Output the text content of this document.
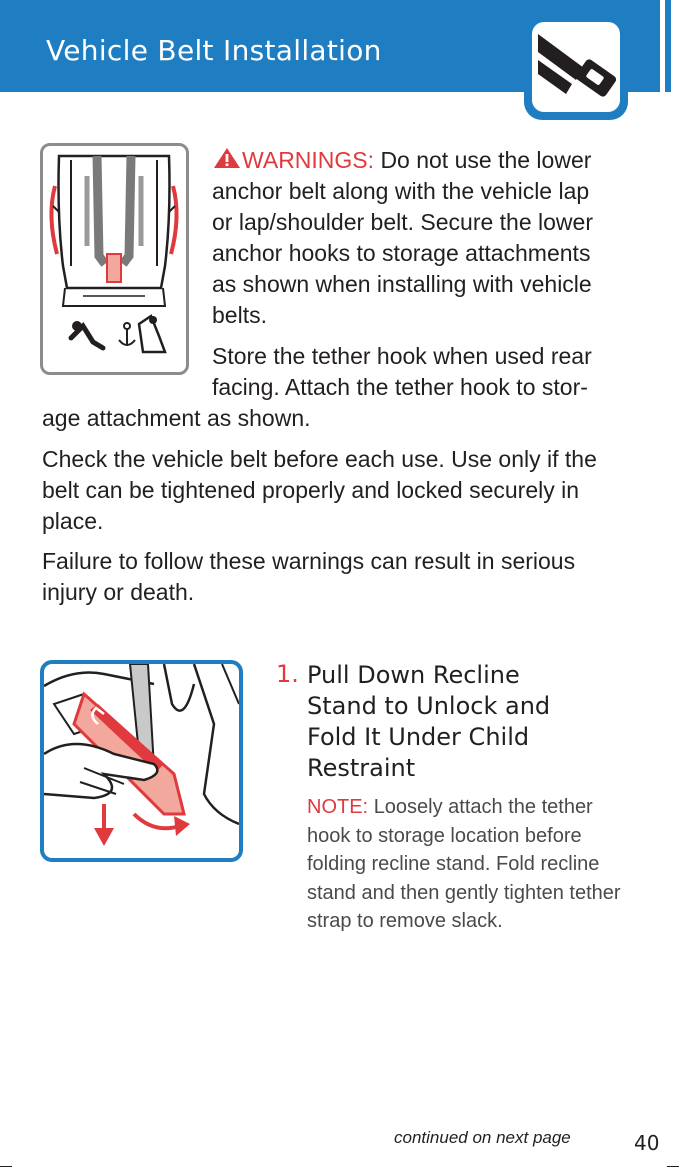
Vehicle Belt Installation
WARNINGS: Do not use the lower
anchor belt along with the vehicle lap
or lap/shoulder belt. Secure the lower
anchor hooks to storage attachments
as shown when installing with vehicle
belts.
Store the tether hook when used rear
facing. Attach the tether hook to stor-
age attachment as shown.
Check the vehicle belt before each use. Use only if the
belt can be tightened properly and locked securely in
place.
Failure to follow these warnings can result in serious
injury or death.
1. Pull Down Recline
Stand to Unlock and
Fold It Under Child
Restraint
NOTE: Loosely attach the tether
hook to storage location before
folding recline stand. Fold recline
stand and then gently tighten tether
strap to remove slack.
continued on next page	40
